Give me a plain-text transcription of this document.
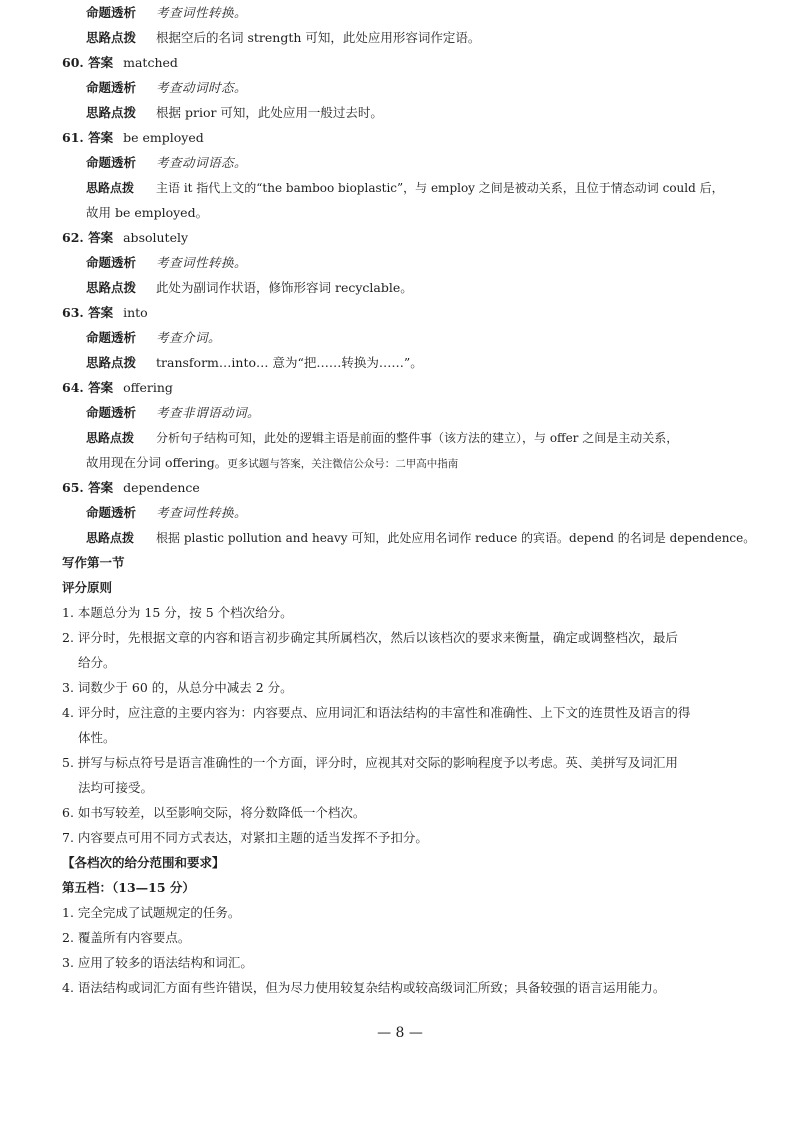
命题透析 考查词性转换。
思路点拨 根据空后的名词 strength 可知，此处应用形容词作定语。
60. 答案 matched
命题透析 考查动词时态。
思路点拨 根据 prior 可知，此处应用一般过去时。
61. 答案 be employed
命题透析 考查动词语态。
思路点拨 主语 it 指代上文的“the bamboo bioplastic”，与 employ 之间是被动关系，且位于情态动词 could 后，
故用 be employed。
62. 答案 absolutely
命题透析 考查词性转换。
思路点拨 此处为副词作状语，修饰形容词 recyclable。
63. 答案 into
命题透析 考查介词。
思路点拨 transform…into… 意为“把……转换为……”。
64. 答案 offering
命题透析 考查非谓语动词。
思路点拨 分析句子结构可知，此处的逻辑主语是前面的整件事（该方法的建立），与 offer 之间是主动关系，
故用现在分词 offering。更多试题与答案，关注微信公众号：二甲高中指南
65. 答案 dependence
命题透析 考查词性转换。
思路点拨 根据 plastic pollution and heavy 可知，此处应用名词作 reduce 的宾语。depend 的名词是 dependence。
写作第一节
评分原则
1. 本题总分为 15 分，按 5 个档次给分。
2. 评分时，先根据文章的内容和语言初步确定其所属档次，然后以该档次的要求来衡量，确定或调整档次，最后
给分。
3. 词数少于 60 的，从总分中减去 2 分。
4. 评分时，应注意的主要内容为：内容要点、应用词汇和语法结构的丰富性和准确性、上下文的连贯性及语言的得
体性。
5. 拼写与标点符号是语言准确性的一个方面，评分时，应视其对交际的影响程度予以考虑。英、美拼写及词汇用
法均可接受。
6. 如书写较差，以至影响交际，将分数降低一个档次。
7. 内容要点可用不同方式表达，对紧扣主题的适当发挥不予扣分。
【各档次的给分范围和要求】
第五档：（13—15 分）
1. 完全完成了试题规定的任务。
2. 覆盖所有内容要点。
3. 应用了较多的语法结构和词汇。
4. 语法结构或词汇方面有些许错误，但为尽力使用较复杂结构或较高级词汇所致；具备较强的语言运用能力。
— 8 —
